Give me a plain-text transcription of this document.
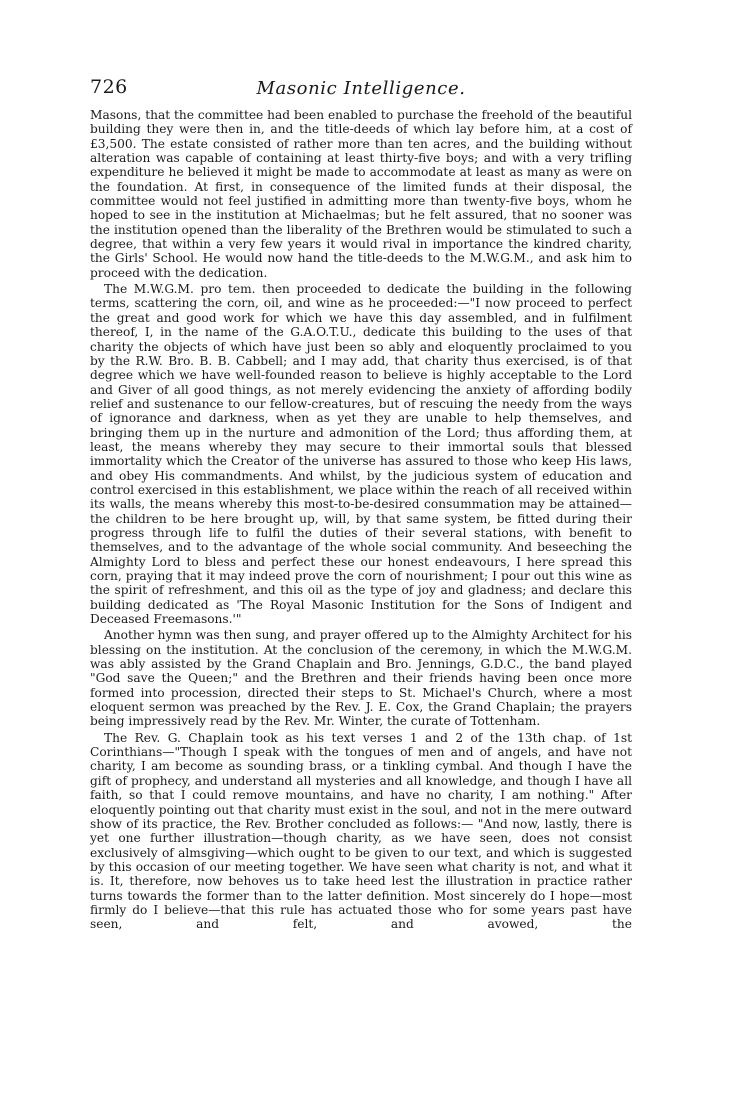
726	Masonic Intelligence.

Masons, that the committee had been enabled to purchase the freehold of the beautiful building they were then in, and the title-deeds of which lay before him, at a cost of £3,500. The estate consisted of rather more than ten acres, and the building without alteration was capable of containing at least thirty-five boys; and with a very trifling expenditure he believed it might be made to accommodate at least as many as were on the foundation. At first, in consequence of the limited funds at their disposal, the committee would not feel justified in admitting more than twenty-five boys, whom he hoped to see in the institution at Michaelmas; but he felt assured, that no sooner was the institution opened than the liberality of the Brethren would be stimulated to such a degree, that within a very few years it would rival in importance the kindred charity, the Girls' School. He would now hand the title-deeds to the M.W.G.M., and ask him to proceed with the dedication.

The M.W.G.M. pro tem. then proceeded to dedicate the building in the following terms, scattering the corn, oil, and wine as he proceeded:—"I now proceed to perfect the great and good work for which we have this day assembled, and in fulfilment thereof, I, in the name of the G.A.O.T.U., dedicate this building to the uses of that charity the objects of which have just been so ably and eloquently proclaimed to you by the R.W. Bro. B. B. Cabbell; and I may add, that charity thus exercised, is of that degree which we have well-founded reason to believe is highly acceptable to the Lord and Giver of all good things, as not merely evidencing the anxiety of affording bodily relief and sustenance to our fellow-creatures, but of rescuing the needy from the ways of ignorance and darkness, when as yet they are unable to help themselves, and bringing them up in the nurture and admonition of the Lord; thus affording them, at least, the means whereby they may secure to their immortal souls that blessed immortality which the Creator of the universe has assured to those who keep His laws, and obey His commandments. And whilst, by the judicious system of education and control exercised in this establishment, we place within the reach of all received within its walls, the means whereby this most-to-be-desired consummation may be attained—the children to be here brought up, will, by that same system, be fitted during their progress through life to fulfil the duties of their several stations, with benefit to themselves, and to the advantage of the whole social community. And beseeching the Almighty Lord to bless and perfect these our honest endeavours, I here spread this corn, praying that it may indeed prove the corn of nourishment; I pour out this wine as the spirit of refreshment, and this oil as the type of joy and gladness; and declare this building dedicated as 'The Royal Masonic Institution for the Sons of Indigent and Deceased Freemasons.'"

Another hymn was then sung, and prayer offered up to the Almighty Architect for his blessing on the institution. At the conclusion of the ceremony, in which the M.W.G.M. was ably assisted by the Grand Chaplain and Bro. Jennings, G.D.C., the band played "God save the Queen;" and the Brethren and their friends having been once more formed into procession, directed their steps to St. Michael's Church, where a most eloquent sermon was preached by the Rev. J. E. Cox, the Grand Chaplain; the prayers being impressively read by the Rev. Mr. Winter, the curate of Tottenham.

The Rev. G. Chaplain took as his text verses 1 and 2 of the 13th chap. of 1st Corinthians—"Though I speak with the tongues of men and of angels, and have not charity, I am become as sounding brass, or a tinkling cymbal. And though I have the gift of prophecy, and understand all mysteries and all knowledge, and though I have all faith, so that I could remove mountains, and have no charity, I am nothing." After eloquently pointing out that charity must exist in the soul, and not in the mere outward show of its practice, the Rev. Brother concluded as follows:— "And now, lastly, there is yet one further illustration—though charity, as we have seen, does not consist exclusively of almsgiving—which ought to be given to our text, and which is suggested by this occasion of our meeting together. We have seen what charity is not, and what it is. It, therefore, now behoves us to take heed lest the illustration in practice rather turns towards the former than to the latter definition. Most sincerely do I hope—most firmly do I believe—that this rule has actuated those who for some years past have seen, and felt, and avowed, the
